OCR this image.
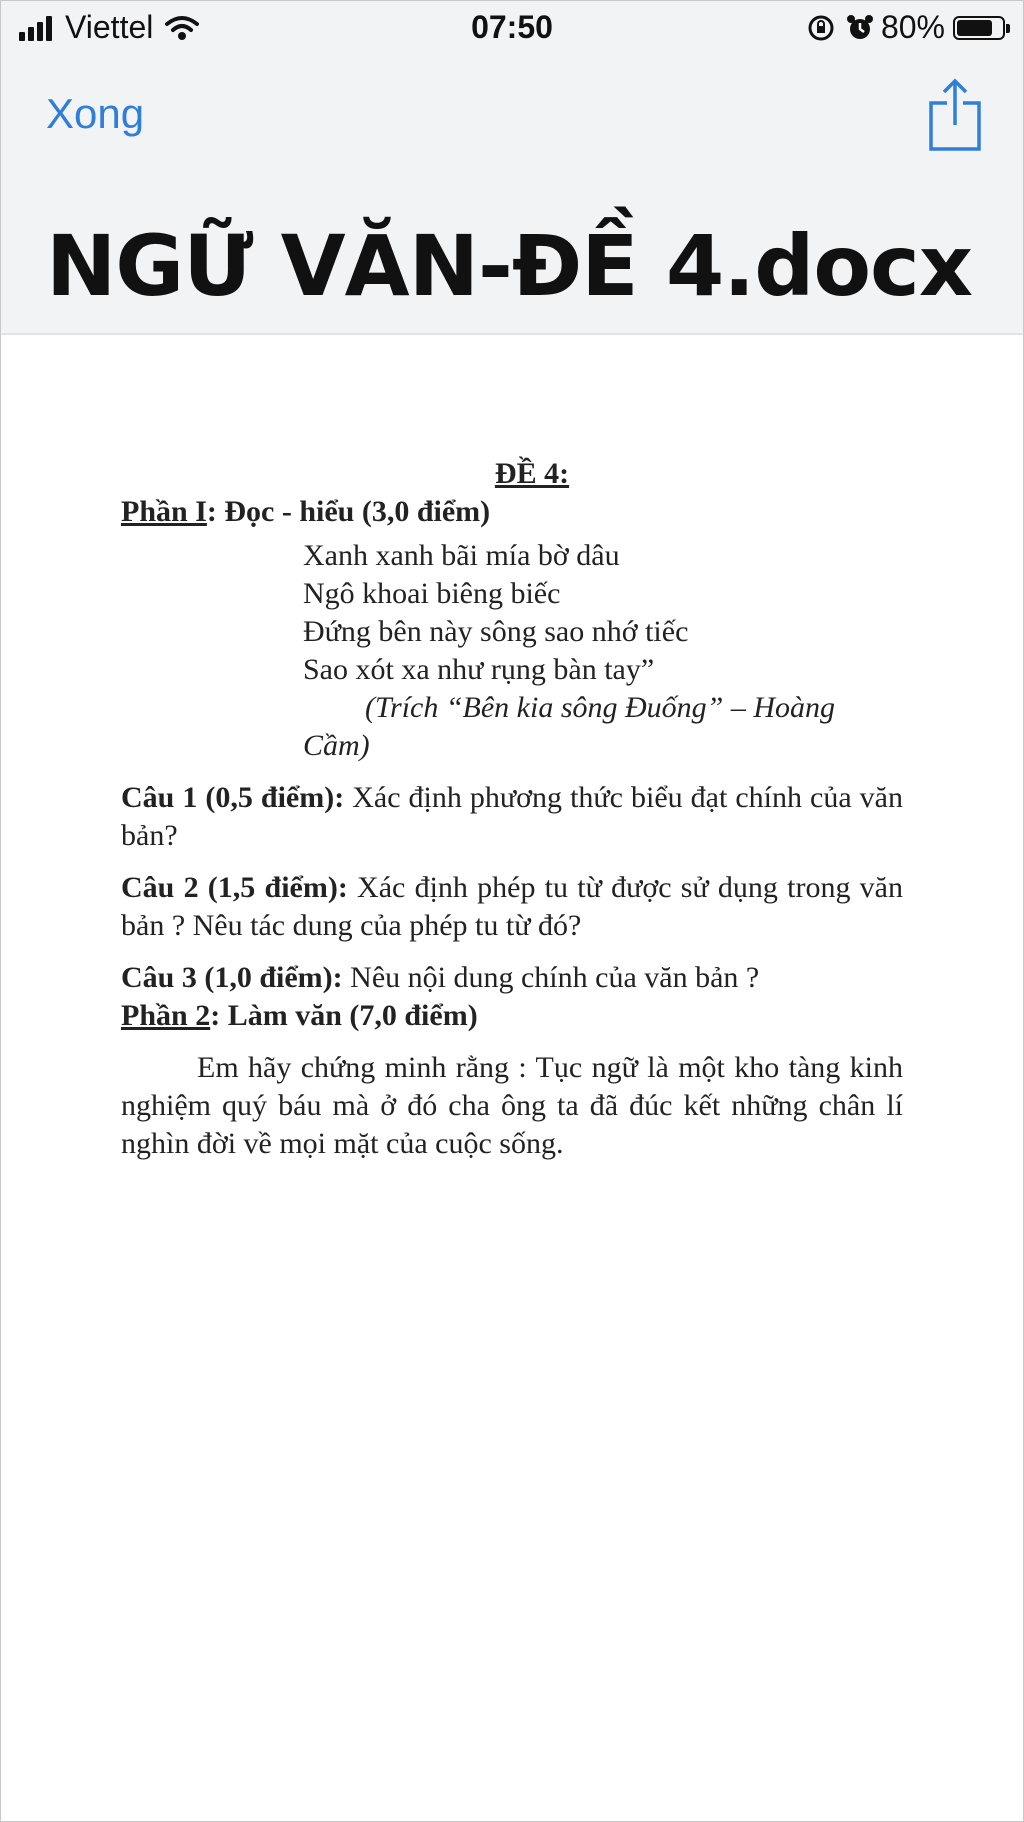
Viettel	07:50	80%
Xong
NGỮ VĂN-ĐỀ 4.docx
ĐỀ 4:
Phần I: Đọc - hiểu (3,0 điểm)
Xanh xanh bãi mía bờ dâu
Ngô khoai biêng biếc
Đứng bên này sông sao nhớ tiếc
Sao xót xa như rụng bàn tay”
(Trích “Bên kia sông Đuống” – Hoàng Cầm)
Câu 1 (0,5 điểm): Xác định phương thức biểu đạt chính của văn bản?
Câu 2 (1,5 điểm): Xác định phép tu từ được sử dụng trong văn bản ? Nêu tác dung của phép tu từ đó?
Câu 3 (1,0 điểm): Nêu nội dung chính của văn bản ?
Phần 2: Làm văn (7,0 điểm)
Em hãy chứng minh rằng : Tục ngữ là một kho tàng kinh nghiệm quý báu mà ở đó cha ông ta đã đúc kết những chân lí nghìn đời về mọi mặt của cuộc sống.
